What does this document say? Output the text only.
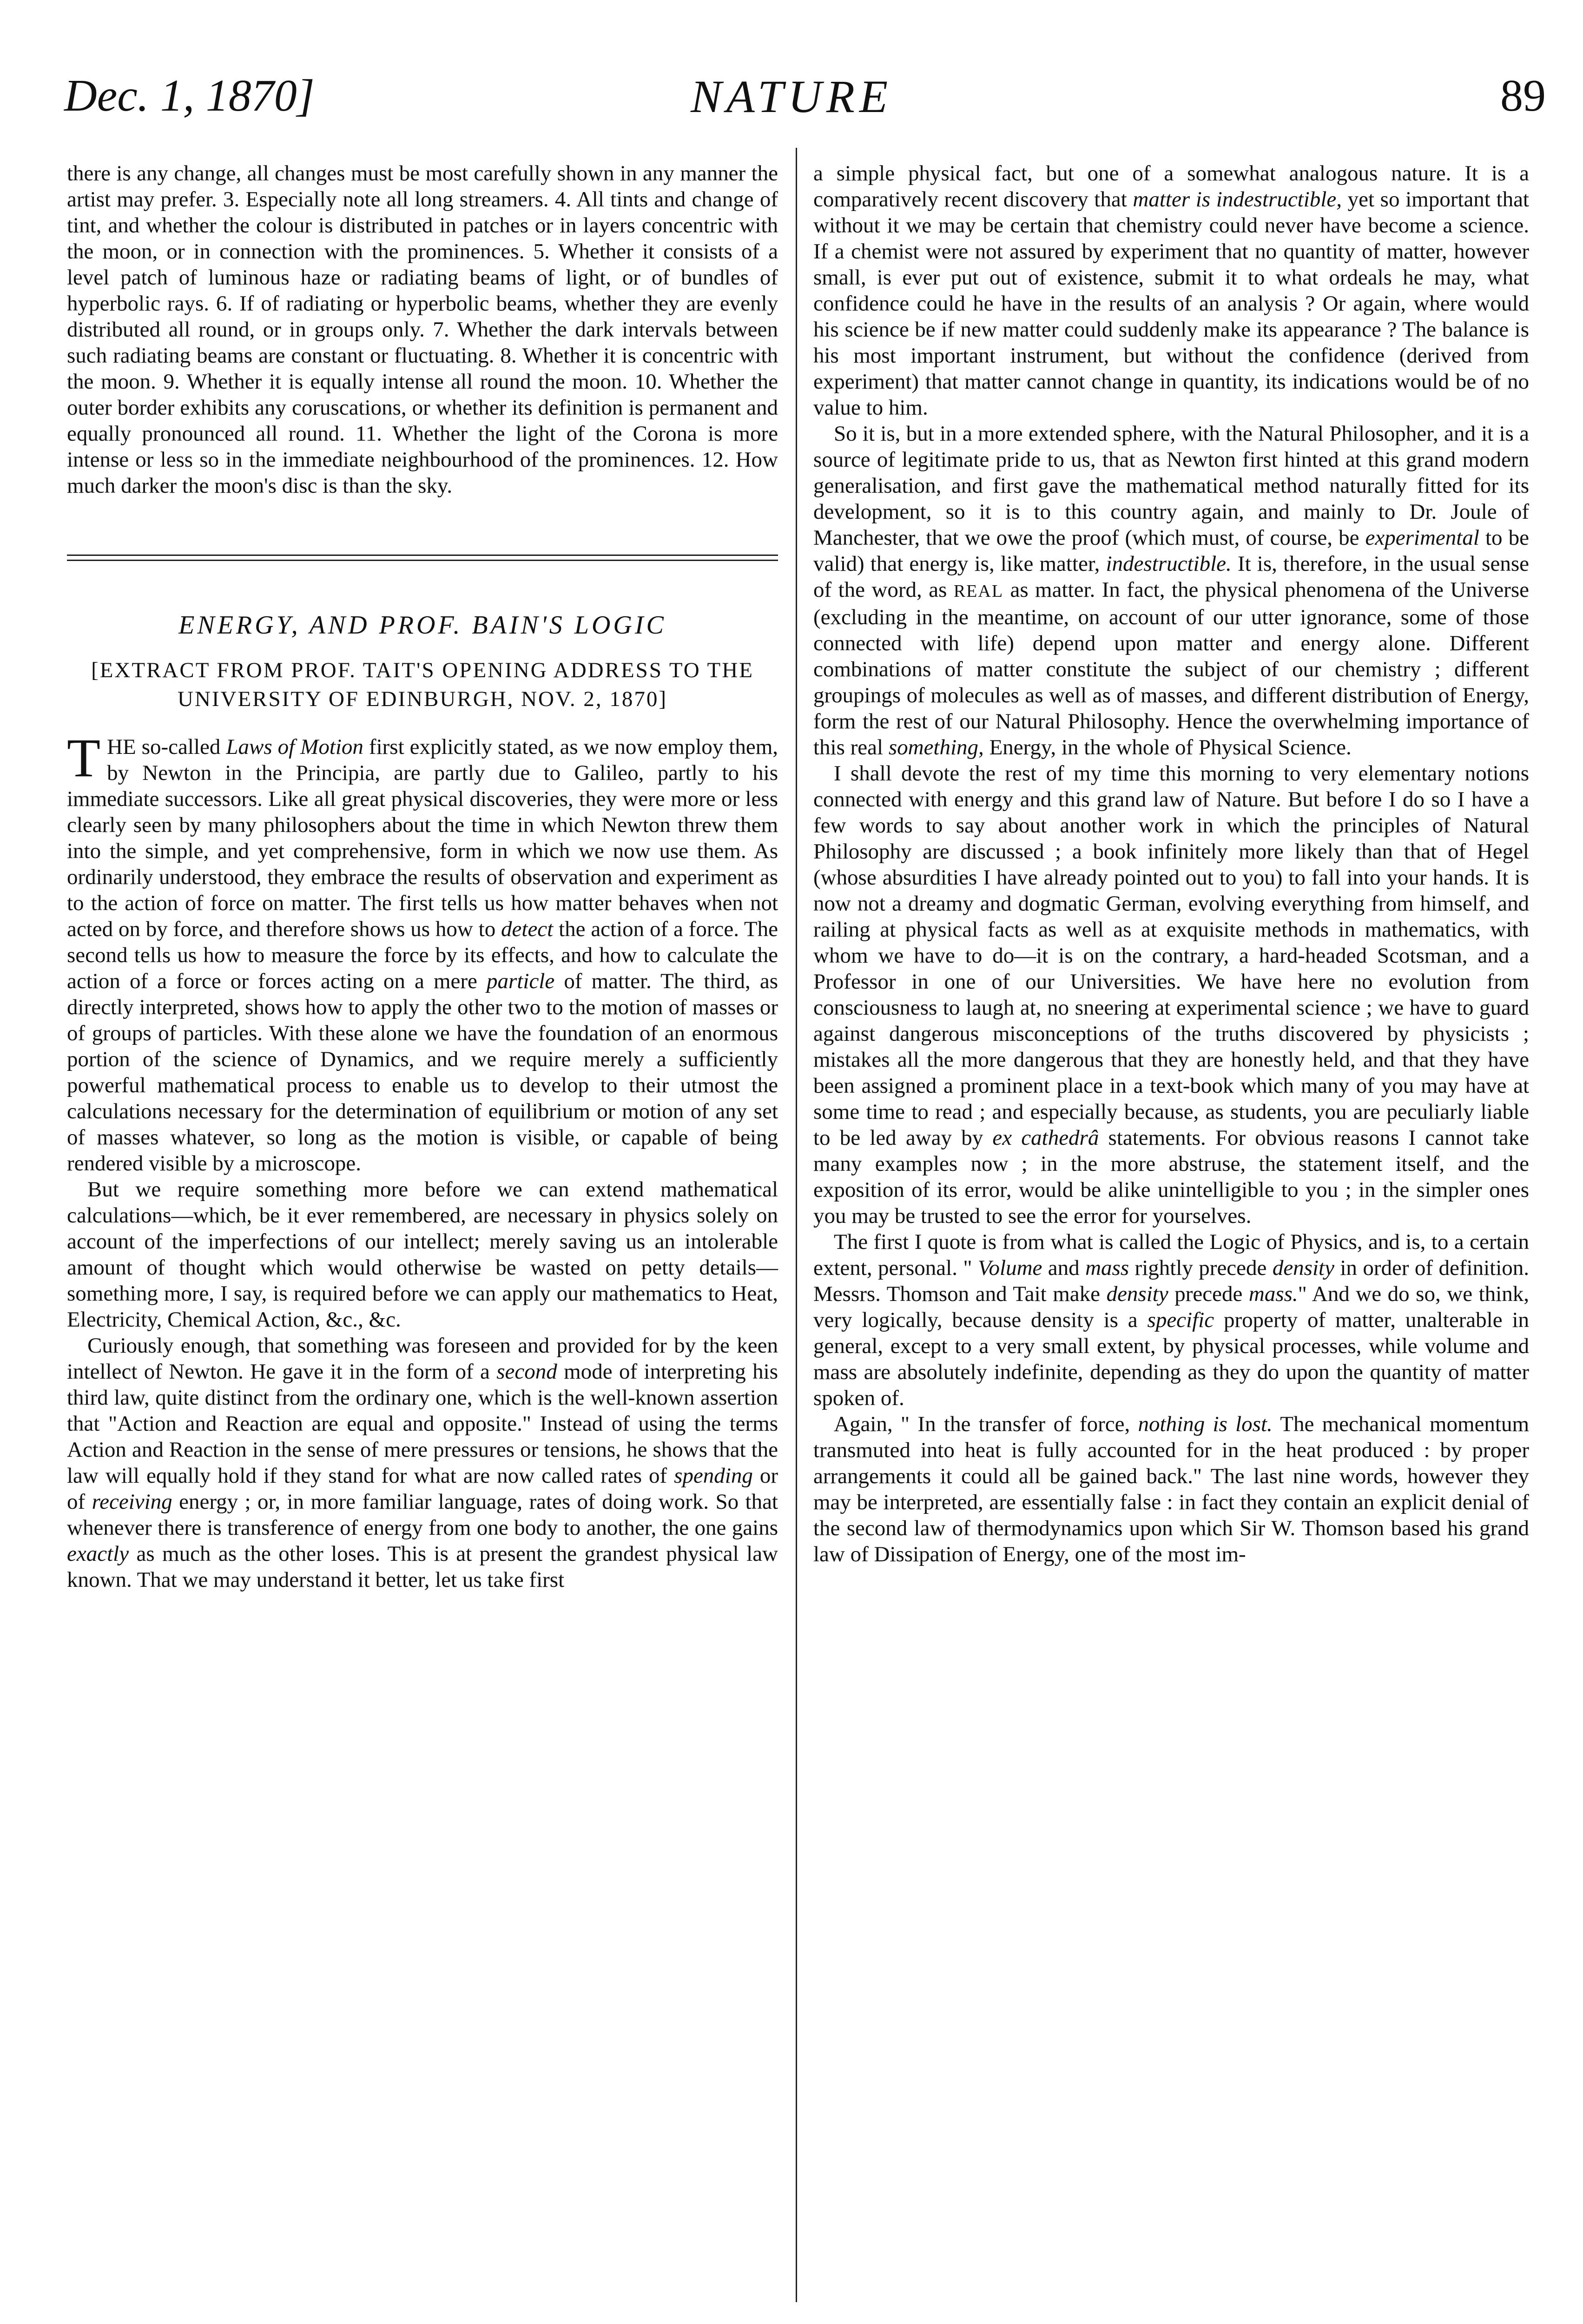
Dec. 1, 1870]	NATURE	89

there is any change, all changes must be most carefully shown in any manner the artist may prefer. 3. Especially note all long streamers. 4. All tints and change of tint, and whether the colour is distributed in patches or in layers concentric with the moon, or in connection with the prominences. 5. Whether it consists of a level patch of luminous haze or radiating beams of light, or of bundles of hyperbolic rays. 6. If of radiating or hyperbolic beams, whether they are evenly distributed all round, or in groups only. 7. Whether the dark intervals between such radiating beams are constant or fluctuating. 8. Whether it is concentric with the moon. 9. Whether it is equally intense all round the moon. 10. Whether the outer border exhibits any coruscations, or whether its definition is permanent and equally pronounced all round. 11. Whether the light of the Corona is more intense or less so in the immediate neighbourhood of the prominences. 12. How much darker the moon's disc is than the sky.

ENERGY, AND PROF. BAIN'S LOGIC
[EXTRACT FROM PROF. TAIT'S OPENING ADDRESS TO THE UNIVERSITY OF EDINBURGH, NOV. 2, 1870]

THE so-called Laws of Motion first explicitly stated, as we now employ them, by Newton in the Principia, are partly due to Galileo, partly to his immediate successors. Like all great physical discoveries, they were more or less clearly seen by many philosophers about the time in which Newton threw them into the simple, and yet comprehensive, form in which we now use them. As ordinarily understood, they embrace the results of observation and experiment as to the action of force on matter. The first tells us how matter behaves when not acted on by force, and therefore shows us how to detect the action of a force. The second tells us how to measure the force by its effects, and how to calculate the action of a force or forces acting on a mere particle of matter. The third, as directly interpreted, shows how to apply the other two to the motion of masses or of groups of particles. With these alone we have the foundation of an enormous portion of the science of Dynamics, and we require merely a sufficiently powerful mathematical process to enable us to develop to their utmost the calculations necessary for the determination of equilibrium or motion of any set of masses whatever, so long as the motion is visible, or capable of being rendered visible by a microscope.

But we require something more before we can extend mathematical calculations—which, be it ever remembered, are necessary in physics solely on account of the imperfections of our intellect; merely saving us an intolerable amount of thought which would otherwise be wasted on petty details—something more, I say, is required before we can apply our mathematics to Heat, Electricity, Chemical Action, &c., &c.

Curiously enough, that something was foreseen and provided for by the keen intellect of Newton. He gave it in the form of a second mode of interpreting his third law, quite distinct from the ordinary one, which is the well-known assertion that "Action and Reaction are equal and opposite." Instead of using the terms Action and Reaction in the sense of mere pressures or tensions, he shows that the law will equally hold if they stand for what are now called rates of spending or of receiving energy ; or, in more familiar language, rates of doing work. So that whenever there is transference of energy from one body to another, the one gains exactly as much as the other loses. This is at present the grandest physical law known. That we may understand it better, let us take first

a simple physical fact, but one of a somewhat analogous nature. It is a comparatively recent discovery that matter is indestructible, yet so important that without it we may be certain that chemistry could never have become a science. If a chemist were not assured by experiment that no quantity of matter, however small, is ever put out of existence, submit it to what ordeals he may, what confidence could he have in the results of an analysis ? Or again, where would his science be if new matter could suddenly make its appearance ? The balance is his most important instrument, but without the confidence (derived from experiment) that matter cannot change in quantity, its indications would be of no value to him.

So it is, but in a more extended sphere, with the Natural Philosopher, and it is a source of legitimate pride to us, that as Newton first hinted at this grand modern generalisation, and first gave the mathematical method naturally fitted for its development, so it is to this country again, and mainly to Dr. Joule of Manchester, that we owe the proof (which must, of course, be experimental to be valid) that energy is, like matter, indestructible. It is, therefore, in the usual sense of the word, as REAL as matter. In fact, the physical phenomena of the Universe (excluding in the meantime, on account of our utter ignorance, some of those connected with life) depend upon matter and energy alone. Different combinations of matter constitute the subject of our chemistry ; different groupings of molecules as well as of masses, and different distribution of Energy, form the rest of our Natural Philosophy. Hence the overwhelming importance of this real something, Energy, in the whole of Physical Science.

I shall devote the rest of my time this morning to very elementary notions connected with energy and this grand law of Nature. But before I do so I have a few words to say about another work in which the principles of Natural Philosophy are discussed ; a book infinitely more likely than that of Hegel (whose absurdities I have already pointed out to you) to fall into your hands. It is now not a dreamy and dogmatic German, evolving everything from himself, and railing at physical facts as well as at exquisite methods in mathematics, with whom we have to do—it is on the contrary, a hard-headed Scotsman, and a Professor in one of our Universities. We have here no evolution from consciousness to laugh at, no sneering at experimental science ; we have to guard against dangerous misconceptions of the truths discovered by physicists ; mistakes all the more dangerous that they are honestly held, and that they have been assigned a prominent place in a text-book which many of you may have at some time to read ; and especially because, as students, you are peculiarly liable to be led away by ex cathedrâ statements. For obvious reasons I cannot take many examples now ; in the more abstruse, the statement itself, and the exposition of its error, would be alike unintelligible to you ; in the simpler ones you may be trusted to see the error for yourselves.

The first I quote is from what is called the Logic of Physics, and is, to a certain extent, personal. " Volume and mass rightly precede density in order of definition. Messrs. Thomson and Tait make density precede mass." And we do so, we think, very logically, because density is a specific property of matter, unalterable in general, except to a very small extent, by physical processes, while volume and mass are absolutely indefinite, depending as they do upon the quantity of matter spoken of.

Again, " In the transfer of force, nothing is lost. The mechanical momentum transmuted into heat is fully accounted for in the heat produced : by proper arrangements it could all be gained back." The last nine words, however they may be interpreted, are essentially false : in fact they contain an explicit denial of the second law of thermodynamics upon which Sir W. Thomson based his grand law of Dissipation of Energy, one of the most im-
